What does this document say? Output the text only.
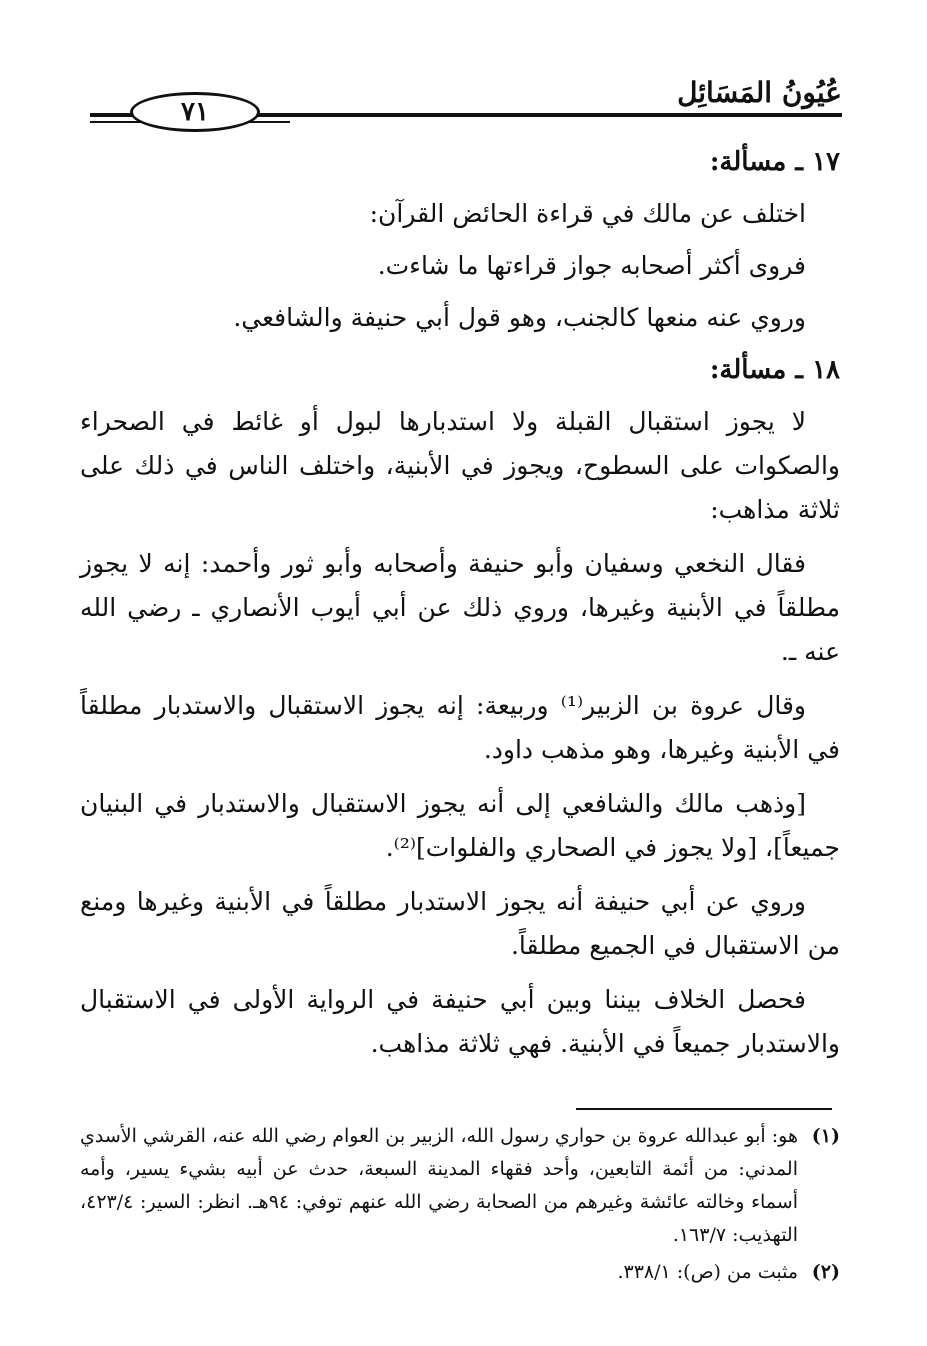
عُيُونُ المَسَائِل
٧١

١٧ ـ مسألة:

اختلف عن مالك في قراءة الحائض القرآن:

فروى أكثر أصحابه جواز قراءتها ما شاءت.

وروي عنه منعها كالجنب، وهو قول أبي حنيفة والشافعي.

١٨ ـ مسألة:

لا يجوز استقبال القبلة ولا استدبارها لبول أو غائط في الصحراء والصكوات على السطوح، ويجوز في الأبنية، واختلف الناس في ذلك على ثلاثة مذاهب:

فقال النخعي وسفيان وأبو حنيفة وأصحابه وأبو ثور وأحمد: إنه لا يجوز مطلقاً في الأبنية وغيرها، وروي ذلك عن أبي أيوب الأنصاري ـ رضي الله عنه ـ.

وقال عروة بن الزبير⁽¹⁾ وربيعة: إنه يجوز الاستقبال والاستدبار مطلقاً في الأبنية وغيرها، وهو مذهب داود.

[وذهب مالك والشافعي إلى أنه يجوز الاستقبال والاستدبار في البنيان جميعاً]، [ولا يجوز في الصحاري والفلوات]⁽²⁾.

وروي عن أبي حنيفة أنه يجوز الاستدبار مطلقاً في الأبنية وغيرها ومنع من الاستقبال في الجميع مطلقاً.

فحصل الخلاف بيننا وبين أبي حنيفة في الرواية الأولى في الاستقبال والاستدبار جميعاً في الأبنية. فهي ثلاثة مذاهب.

(١)
هو: أبو عبدالله عروة بن حواري رسول الله، الزبير بن العوام رضي الله عنه، القرشي الأسدي المدني: من أئمة التابعين، وأحد فقهاء المدينة السبعة، حدث عن أبيه بشيء يسير، وأمه أسماء وخالته عائشة وغيرهم من الصحابة رضي الله عنهم توفي: ٩٤هـ. انظر: السير: ٤٢٣/٤، التهذيب: ١٦٣/٧.

(٢)
مثبت من (ص): ٣٣٨/١.
